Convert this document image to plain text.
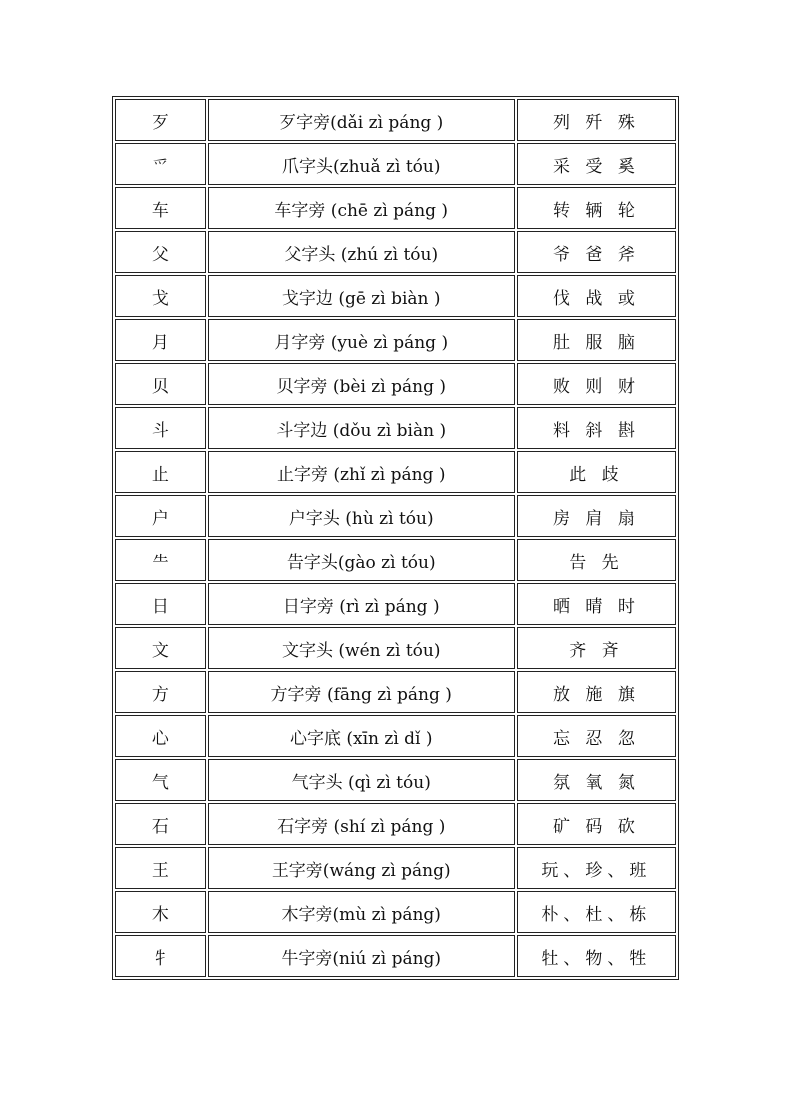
歹	歹字旁(dǎi zì páng )	列 歼 殊
爫	爪字头(zhuǎ zì tóu)	采 受 奚
车	车字旁 (chē zì páng )	转 辆 轮
父	父字头 (zhú zì tóu)	爷 爸 斧
戈	戈字边 (gē zì biàn )	伐 战 或
月	月字旁 (yuè zì páng )	肚 服 脑
贝	贝字旁 (bèi zì páng )	败 则 财
斗	斗字边 (dǒu zì biàn )	料 斜 斟
止	止字旁 (zhǐ zì páng )	此 歧
户	户字头 (hù zì tóu)	房 肩 扇
⺧	告字头(gào zì tóu)	告 先
日	日字旁 (rì zì páng )	晒 晴 时
文	文字头 (wén zì tóu)	齐 斉
方	方字旁 (fāng zì páng )	放 施 旗
心	心字底 (xīn zì dǐ )	忘 忍 忽
气	气字头 (qì zì tóu)	氛 氧 氮
石	石字旁 (shí zì páng )	矿 码 砍
王	王字旁(wáng zì páng)	玩、珍、班
木	木字旁(mù zì páng)	朴、杜、栋
牜	牛字旁(niú zì páng)	牡、物、牲
